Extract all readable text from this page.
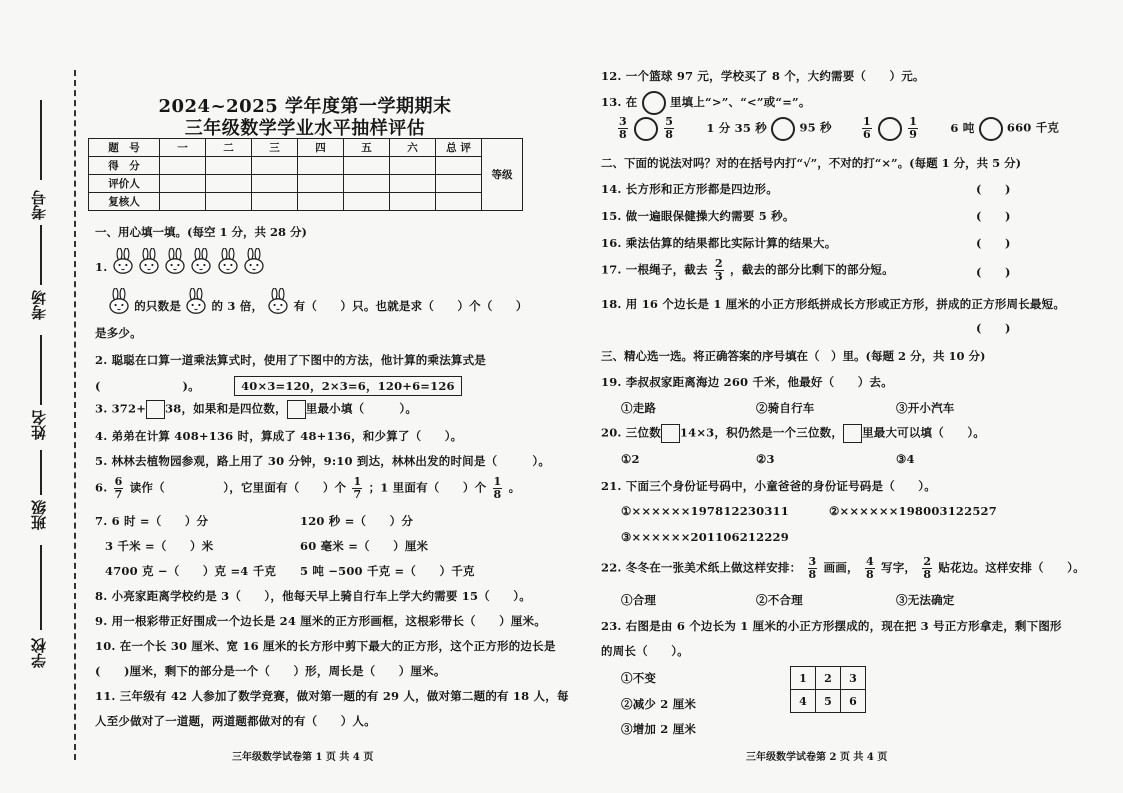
考号
考场
姓名
班级
学校
2024~2025 学年度第一学期期末
三年级数学学业水平抽样评估
题　号	一	二	三	四	五	六	总 评	等级
得　分								
评价人								
复核人								
一、用心填一填。(每空 1 分，共 28 分)
1.
的只数是	的 3 倍，	有（　　）只。也就是求（　　）个（　　）
是多少。
2. 聪聪在口算一道乘法算式时，使用了下图中的方法，他计算的乘法算式是
(　　　　　　　)。	40×3=120，2×3=6，120+6=126
3. 372+ 38，如果和是四位数， 里最小填（　　　）。
4. 弟弟在计算 408+136 时，算成了 48+136，和少算了（　　）。
5. 林林去植物园参观，路上用了 30 分钟，9:10 到达，林林出发的时间是（　　　）。
6. $\frac{6}{7}$ 读作（　　　　　），它里面有（　　）个 $\frac{1}{7}$ ；1 里面有（　　）个 $\frac{1}{8}$ 。
7. 6 时 =（　　）分	120 秒 =（　　）分
3 千米 =（　　）米	60 毫米 =（　　）厘米
4700 克 −（　　）克 =4 千克 5 吨 −500 千克 =（　　）千克
8. 小亮家距离学校约是 3（　　），他每天早上骑自行车上学大约需要 15（　　）。
9. 用一根彩带正好围成一个边长是 24 厘米的正方形画框，这根彩带长（　　）厘米。
10. 在一个长 30 厘米、宽 16 厘米的长方形中剪下最大的正方形，这个正方形的边长是
(　　)厘米，剩下的部分是一个（　　）形，周长是（　　）厘米。
11. 三年级有 42 人参加了数学竞赛，做对第一题的有 29 人，做对第二题的有 18 人，每
人至少做对了一道题，两道题都做对的有（　　）人。
三年级数学试卷第 1 页 共 4 页
12. 一个篮球 97 元，学校买了 8 个，大约需要（　　）元。
13. 在	里填上“>”、“<”或“=”。
$\frac{3}{8}$
	$\frac{5}{8}$	1 分 35 秒	95 秒	$\frac{1}{6}$
	$\frac{1}{9}$	6 吨	660 千克
二、下面的说法对吗？对的在括号内打“√”，不对的打“×”。(每题 1 分，共 5 分)
14. 长方形和正方形都是四边形。	(　　)
15. 做一遍眼保健操大约需要 5 秒。	(　　)
16. 乘法估算的结果都比实际计算的结果大。	(　　)
17. 一根绳子，截去 $\frac{2}{3}$ ，截去的部分比剩下的部分短。	(　　)
18. 用 16 个边长是 1 厘米的小正方形纸拼成长方形或正方形，拼成的正方形周长最短。
(　　)
三、精心选一选。将正确答案的序号填在（　）里。(每题 2 分，共 10 分)
19. 李叔叔家距离海边 260 千米，他最好（　　）去。
①走路	②骑自行车	③开小汽车
20. 三位数 14×3，积仍然是一个三位数， 里最大可以填（　　）。
①2	②3	③4
21. 下面三个身份证号码中，小童爸爸的身份证号码是（　　）。
①××××××197812230311	②××××××198003122527
③××××××201106212229
22. 冬冬在一张美术纸上做这样安排： $\frac{3}{8}$ 画画， $\frac{4}{8}$ 写字， $\frac{2}{8}$ 贴花边。这样安排（　　）。
①合理	②不合理	③无法确定
23. 右图是由 6 个边长为 1 厘米的小正方形摆成的，现在把 3 号正方形拿走，剩下图形
的周长（　　）。
①不变
②减少 2 厘米
③增加 2 厘米
三年级数学试卷第 2 页 共 4 页
1	2	3
4	5	6
